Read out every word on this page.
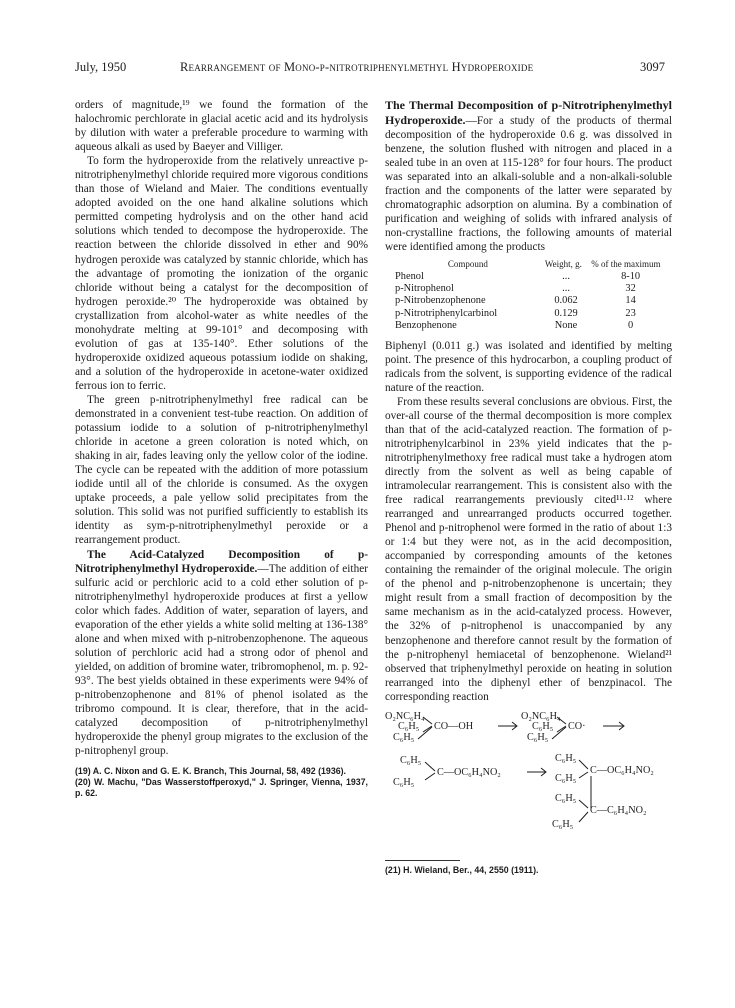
July, 1950	Rearrangement of Mono-p-nitrotriphenylmethyl Hydroperoxide	3097

orders of magnitude,¹⁹ we found the formation of the halochromic perchlorate in glacial acetic acid and its hydrolysis by dilution with water a preferable procedure to warming with aqueous alkali as used by Baeyer and Villiger.

To form the hydroperoxide from the relatively unreactive p-nitrotriphenylmethyl chloride required more vigorous conditions than those of Wieland and Maier. The conditions eventually adopted avoided on the one hand alkaline solutions which permitted competing hydrolysis and on the other hand acid solutions which tended to decompose the hydroperoxide. The reaction between the chloride dissolved in ether and 90% hydrogen peroxide was catalyzed by stannic chloride, which has the advantage of promoting the ionization of the organic chloride without being a catalyst for the decomposition of hydrogen peroxide.²⁰ The hydroperoxide was obtained by crystallization from alcohol-water as white needles of the monohydrate melting at 99-101° and decomposing with evolution of gas at 135-140°. Ether solutions of the hydroperoxide oxidized aqueous potassium iodide on shaking, and a solution of the hydroperoxide in acetone-water oxidized ferrous ion to ferric.

The green p-nitrotriphenylmethyl free radical can be demonstrated in a convenient test-tube reaction. On addition of potassium iodide to a solution of p-nitrotriphenylmethyl chloride in acetone a green coloration is noted which, on shaking in air, fades leaving only the yellow color of the iodine. The cycle can be repeated with the addition of more potassium iodide until all of the chloride is consumed. As the oxygen uptake proceeds, a pale yellow solid precipitates from the solution. This solid was not purified sufficiently to establish its identity as sym-p-nitrotriphenylmethyl peroxide or a rearrangement product.

The Acid-Catalyzed Decomposition of p-Nitrotriphenylmethyl Hydroperoxide.—The addition of either sulfuric acid or perchloric acid to a cold ether solution of p-nitrotriphenylmethyl hydroperoxide produces at first a yellow color which fades. Addition of water, separation of layers, and evaporation of the ether yields a white solid melting at 136-138° alone and when mixed with p-nitrobenzophenone. The aqueous solution of perchloric acid had a strong odor of phenol and yielded, on addition of bromine water, tribromophenol, m. p. 92-93°. The best yields obtained in these experiments were 94% of p-nitrobenzophenone and 81% of phenol isolated as the tribromo compound. It is clear, therefore, that in the acid-catalyzed decomposition of p-nitrotriphenylmethyl hydroperoxide the phenyl group migrates to the exclusion of the p-nitrophenyl group.

(19) A. C. Nixon and G. E. K. Branch, This Journal, 58, 492 (1936).
(20) W. Machu, "Das Wasserstoffperoxyd," J. Springer, Vienna, 1937, p. 62.

The Thermal Decomposition of p-Nitrotriphenylmethyl Hydroperoxide.—For a study of the products of thermal decomposition of the hydroperoxide 0.6 g. was dissolved in benzene, the solution flushed with nitrogen and placed in a sealed tube in an oven at 115-128° for four hours. The product was separated into an alkali-soluble and a non-alkali-soluble fraction and the components of the latter were separated by chromatographic adsorption on alumina. By a combination of purification and weighing of solids with infrared analysis of non-crystalline fractions, the following amounts of material were identified among the products

Compound	Weight, g.	% of the maximum
Phenol	...	8-10
p-Nitrophenol	...	32
p-Nitrobenzophenone	0.062	14
p-Nitrotriphenylcarbinol	0.129	23
Benzophenone	None	0

Biphenyl (0.011 g.) was isolated and identified by melting point. The presence of this hydrocarbon, a coupling product of radicals from the solvent, is supporting evidence of the radical nature of the reaction.

From these results several conclusions are obvious. First, the over-all course of the thermal decomposition is more complex than that of the acid-catalyzed reaction. The formation of p-nitrotriphenylcarbinol in 23% yield indicates that the p-nitrotriphenylmethoxy free radical must take a hydrogen atom directly from the solvent as well as being capable of intramolecular rearrangement. This is consistent also with the free radical rearrangements previously cited¹¹·¹² where rearranged and unrearranged products occurred together. Phenol and p-nitrophenol were formed in the ratio of about 1:3 or 1:4 but they were not, as in the acid decomposition, accompanied by corresponding amounts of the ketones containing the remainder of the original molecule. The origin of the phenol and p-nitrobenzophenone is uncertain; they might result from a small fraction of decomposition by the same mechanism as in the acid-catalyzed process. However, the 32% of p-nitrophenol is unaccompanied by any benzophenone and therefore cannot result by the formation of the p-nitrophenyl hemiacetal of benzophenone. Wieland²¹ observed that triphenylmethyl peroxide on heating in solution rearranged into the diphenyl ether of benzpinacol. The corresponding reaction

O₂NC₆H₄
C₆H₅
C₆H₅
CO—OH
O₂NC₆H₄
C₆H₅
C₆H₅
CO·
C₆H₅
C₆H₅
C—OC₆H₄NO₂
C₆H₅
C₆H₅
C—OC₆H₄NO₂
C₆H₅
C₆H₅
C—C₆H₄NO₂
(21) H. Wieland, Ber., 44, 2550 (1911).
